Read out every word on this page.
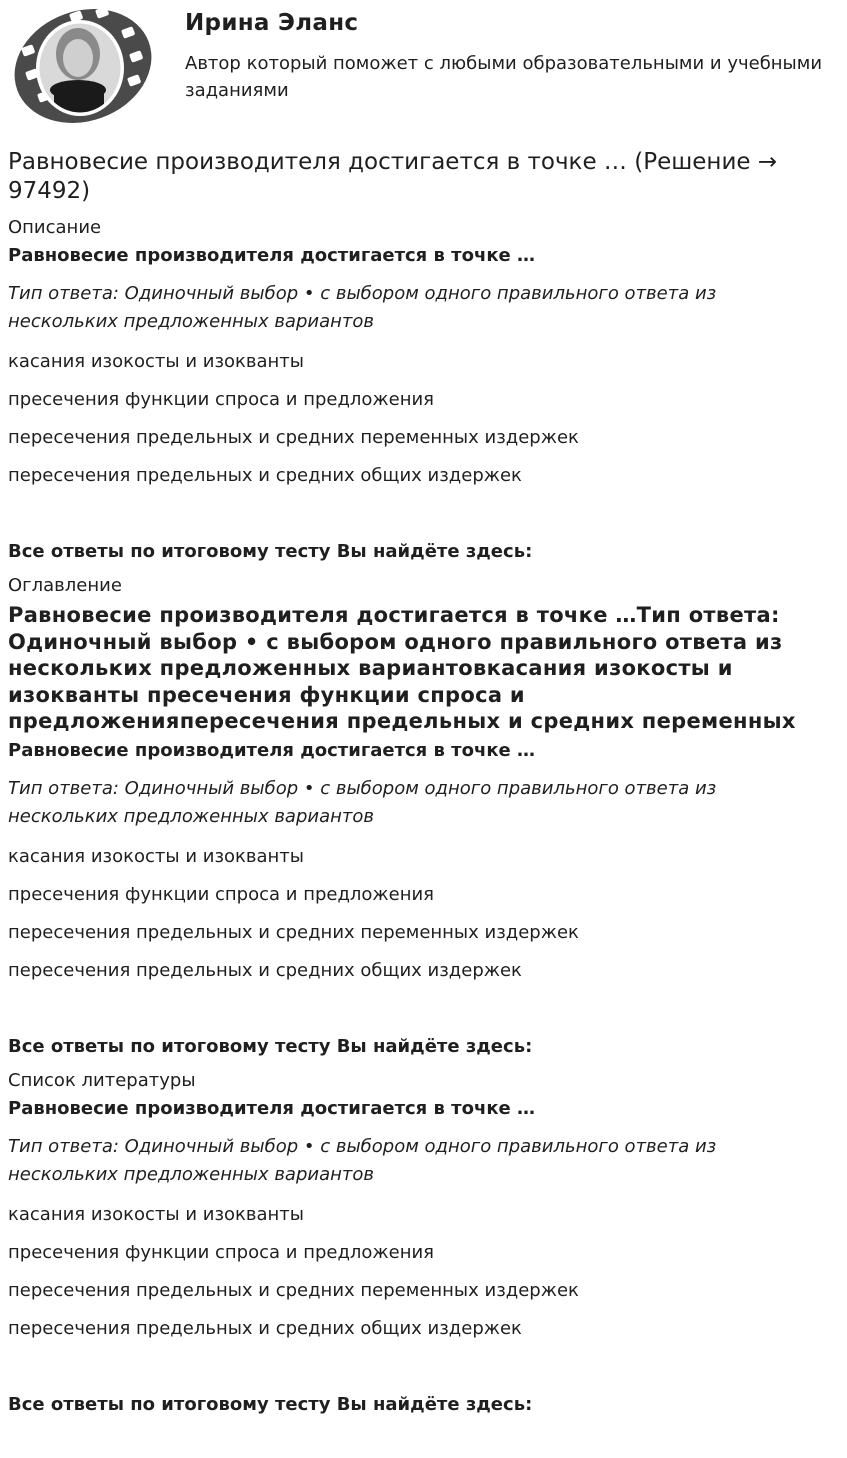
Ирина Эланс

Автор который поможет с любыми образовательными и учебными заданиями

Равновесие производителя достигается в точке … (Решение → 97492)

Описание

Равновесие производителя достигается в точке …

Тип ответа: Одиночный выбор • с выбором одного правильного ответа из нескольких предложенных вариантов

касания изокосты и изокванты

пресечения функции спроса и предложения

пересечения предельных и средних переменных издержек

пересечения предельных и средних общих издержек

Все ответы по итоговому тесту Вы найдёте здесь:

Оглавление

Равновесие производителя достигается в точке …Тип ответа: Одиночный выбор • с выбором одного правильного ответа из нескольких предложенных вариантовкасания изокосты и изокванты пресечения функции спроса и предложенияпересечения предельных и средних переменных

Равновесие производителя достигается в точке …

Тип ответа: Одиночный выбор • с выбором одного правильного ответа из нескольких предложенных вариантов

касания изокосты и изокванты

пресечения функции спроса и предложения

пересечения предельных и средних переменных издержек

пересечения предельных и средних общих издержек

Все ответы по итоговому тесту Вы найдёте здесь:

Список литературы

Равновесие производителя достигается в точке …

Тип ответа: Одиночный выбор • с выбором одного правильного ответа из нескольких предложенных вариантов

касания изокосты и изокванты

пресечения функции спроса и предложения

пересечения предельных и средних переменных издержек

пересечения предельных и средних общих издержек

Все ответы по итоговому тесту Вы найдёте здесь:
